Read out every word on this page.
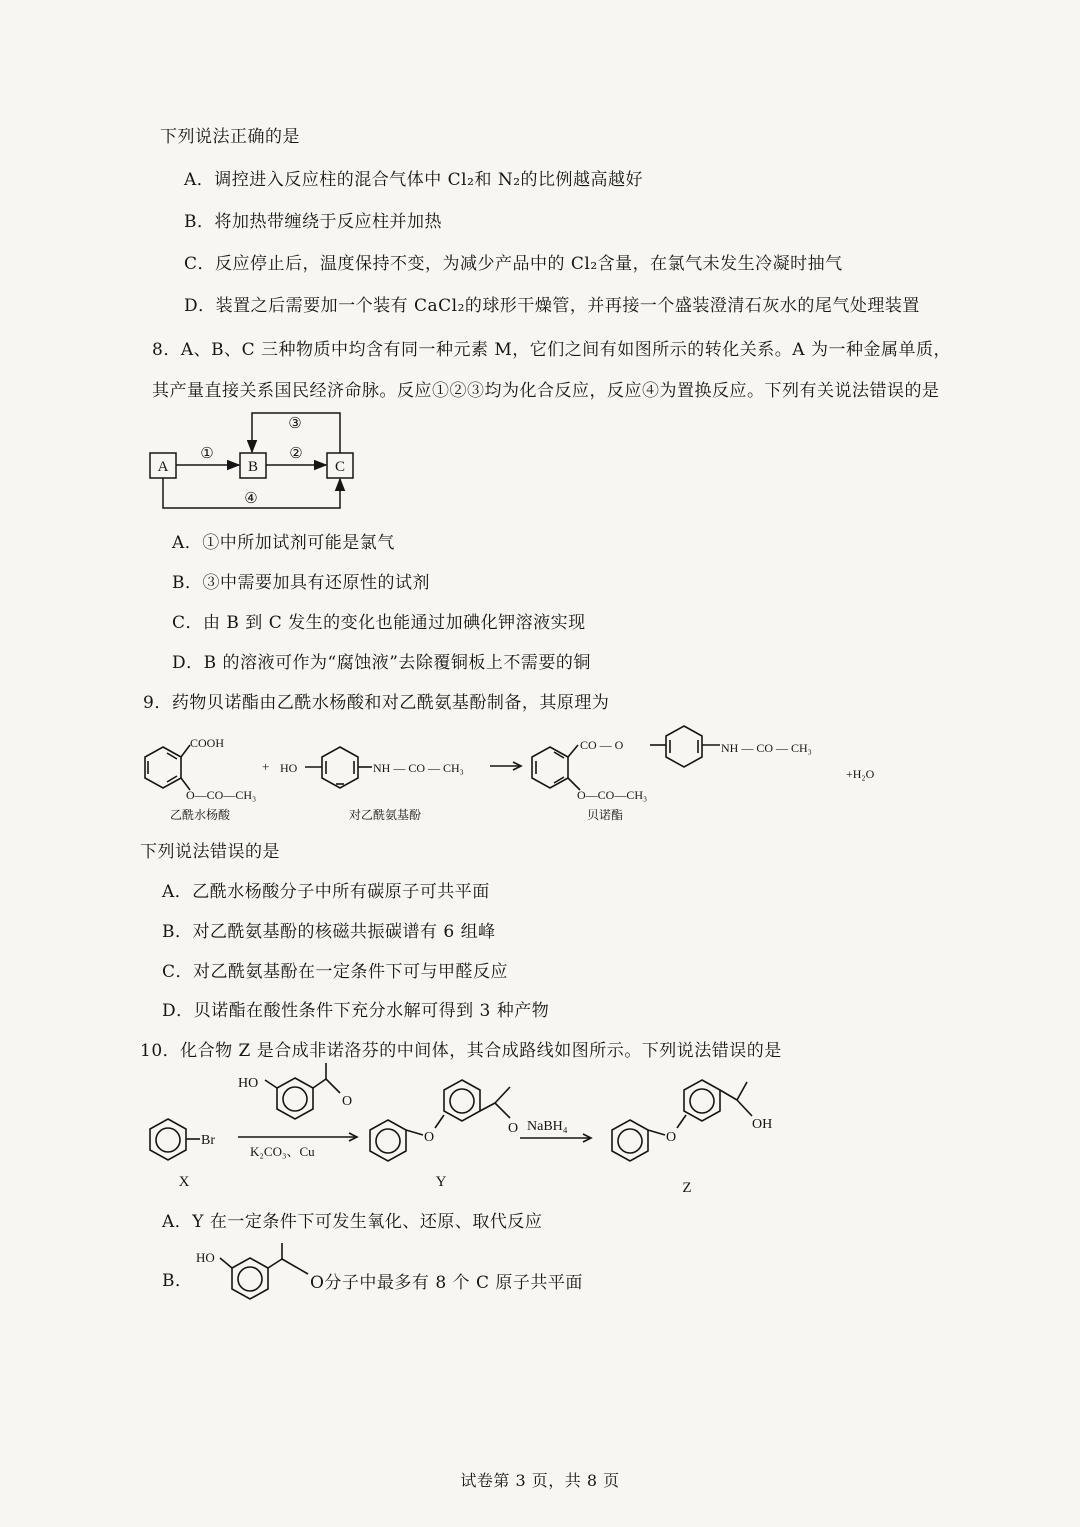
下列说法正确的是
A．调控进入反应柱的混合气体中 Cl₂和 N₂的比例越高越好
B．将加热带缠绕于反应柱并加热
C．反应停止后，温度保持不变，为减少产品中的 Cl₂含量，在氯气未发生冷凝时抽气
D．装置之后需要加一个装有 CaCl₂的球形干燥管，并再接一个盛装澄清石灰水的尾气处理装置
8．A、B、C 三种物质中均含有同一种元素 M，它们之间有如图所示的转化关系。A 为一种金属单质，
其产量直接关系国民经济命脉。反应①②③均为化合反应，反应④为置换反应。下列有关说法错误的是
A	B	C
①	②
③
④
A．①中所加试剂可能是氯气
B．③中需要加具有还原性的试剂
C．由 B 到 C 发生的变化也能通过加碘化钾溶液实现
D．B 的溶液可作为“腐蚀液”去除覆铜板上不需要的铜
9．药物贝诺酯由乙酰水杨酸和对乙酰氨基酚制备，其原理为
COOH
O—CO—CH₃
+ HO	NH — CO — CH₃
CO — O	NH — CO — CH₃
O—CO—CH₃
+H₂O
乙酰水杨酸	对乙酰氨基酚	贝诺酯
下列说法错误的是
A．乙酰水杨酸分子中所有碳原子可共平面
B．对乙酰氨基酚的核磁共振碳谱有 6 组峰
C．对乙酰氨基酚在一定条件下可与甲醛反应
D．贝诺酯在酸性条件下充分水解可得到 3 种产物
10．化合物 Z 是合成非诺洛芬的中间体，其合成路线如图所示。下列说法错误的是
Br
HO
O
K₂CO₃、Cu
O
O NaBH₄
O
OH
X	Y	Z
A．Y 在一定条件下可发生氧化、还原、取代反应
B．
HO
O分子中最多有 8 个 C 原子共平面
试卷第 3 页，共 8 页
